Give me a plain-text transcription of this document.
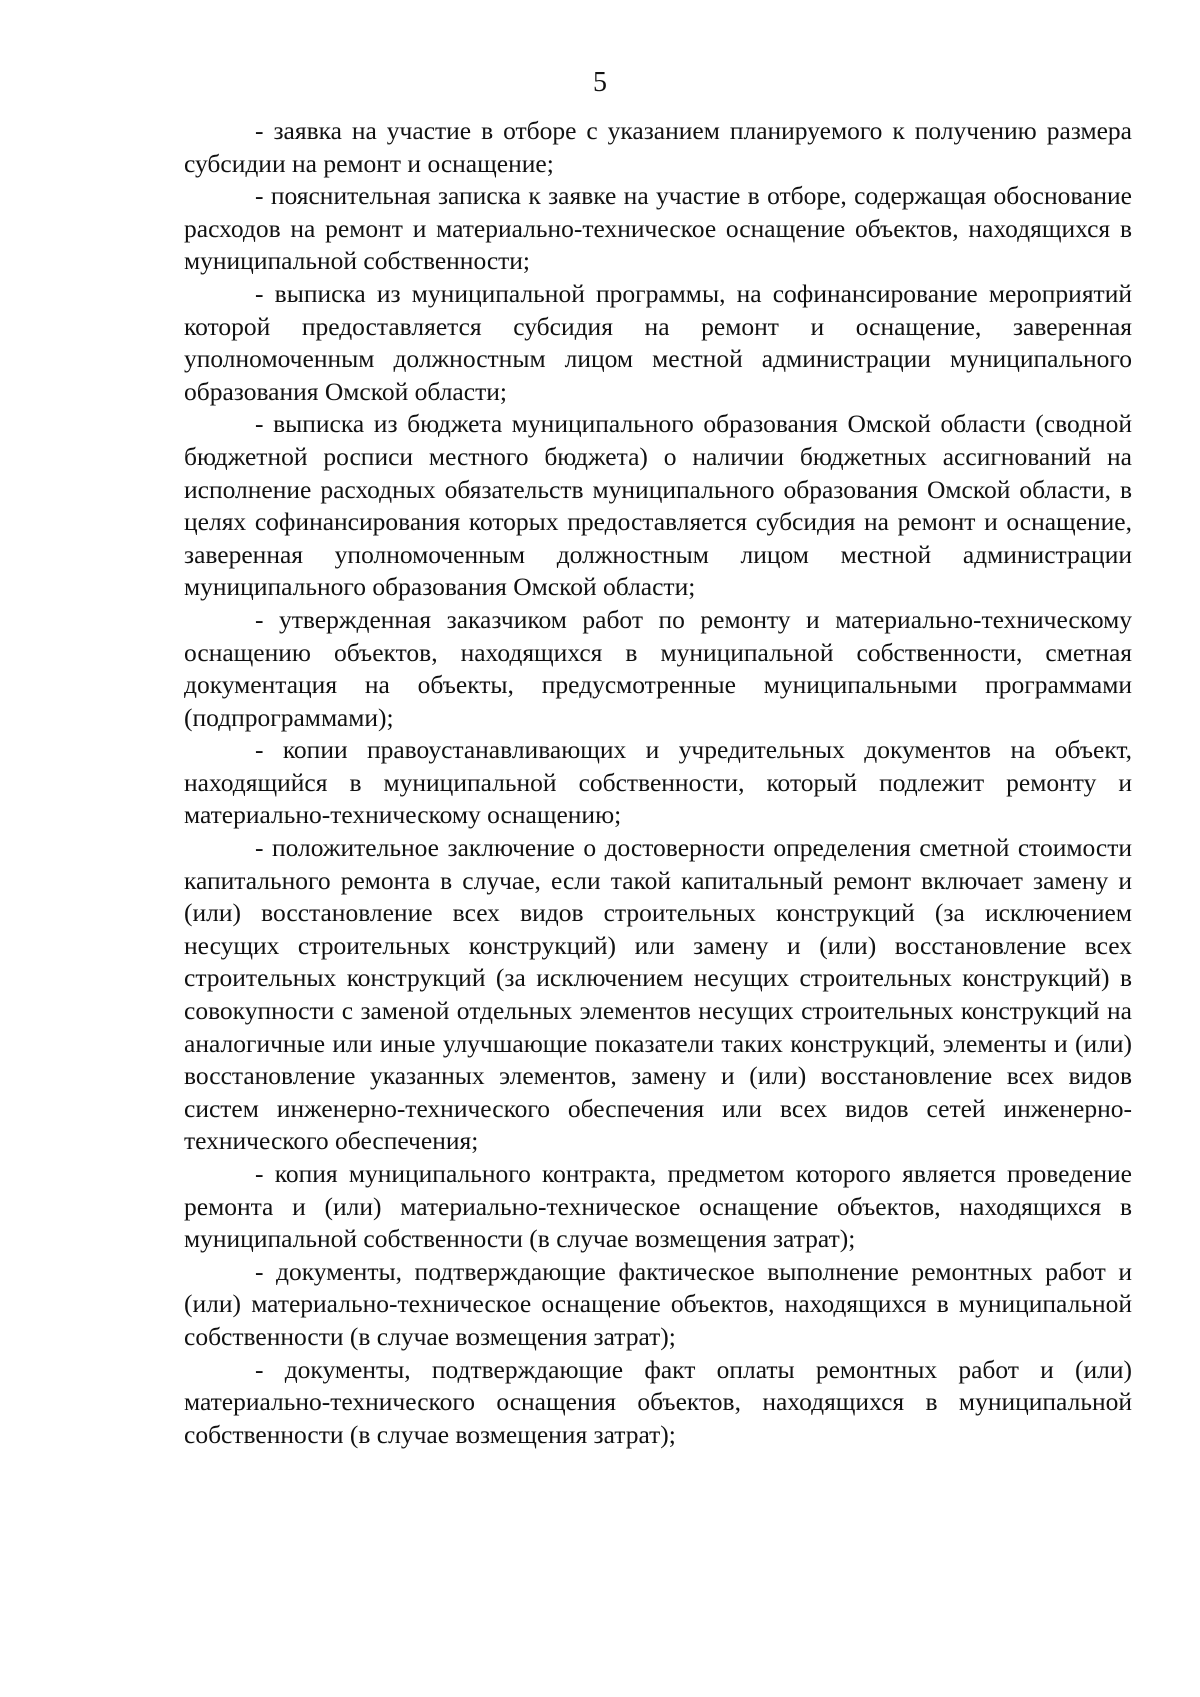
5

- заявка на участие в отборе с указанием планируемого к получению размера субсидии на ремонт и оснащение;

- пояснительная записка к заявке на участие в отборе, содержащая обоснование расходов на ремонт и материально-техническое оснащение объектов, находящихся в муниципальной собственности;

- выписка из муниципальной программы, на софинансирование мероприятий которой предоставляется субсидия на ремонт и оснащение, заверенная уполномоченным должностным лицом местной администрации муниципального образования Омской области;

- выписка из бюджета муниципального образования Омской области (сводной бюджетной росписи местного бюджета) о наличии бюджетных ассигнований на исполнение расходных обязательств муниципального образования Омской области, в целях софинансирования которых предоставляется субсидия на ремонт и оснащение, заверенная уполномоченным должностным лицом местной администрации муниципального образования Омской области;

- утвержденная заказчиком работ по ремонту и материально-техническому оснащению объектов, находящихся в муниципальной собственности, сметная документация на объекты, предусмотренные муниципальными программами (подпрограммами);

- копии правоустанавливающих и учредительных документов на объект, находящийся в муниципальной собственности, который подлежит ремонту и материально-техническому оснащению;

- положительное заключение о достоверности определения сметной стоимости капитального ремонта в случае, если такой капитальный ремонт включает замену и (или) восстановление всех видов строительных конструкций (за исключением несущих строительных конструкций) или замену и (или) восстановление всех строительных конструкций (за исключением несущих строительных конструкций) в совокупности с заменой отдельных элементов несущих строительных конструкций на аналогичные или иные улучшающие показатели таких конструкций, элементы и (или) восстановление указанных элементов, замену и (или) восстановление всех видов систем инженерно-технического обеспечения или всех видов сетей инженерно-технического обеспечения;

- копия муниципального контракта, предметом которого является проведение ремонта и (или) материально-техническое оснащение объектов, находящихся в муниципальной собственности (в случае возмещения затрат);

- документы, подтверждающие фактическое выполнение ремонтных работ и (или) материально-техническое оснащение объектов, находящихся в муниципальной собственности (в случае возмещения затрат);

- документы, подтверждающие факт оплаты ремонтных работ и (или) материально-технического оснащения объектов, находящихся в муниципальной собственности (в случае возмещения затрат);
